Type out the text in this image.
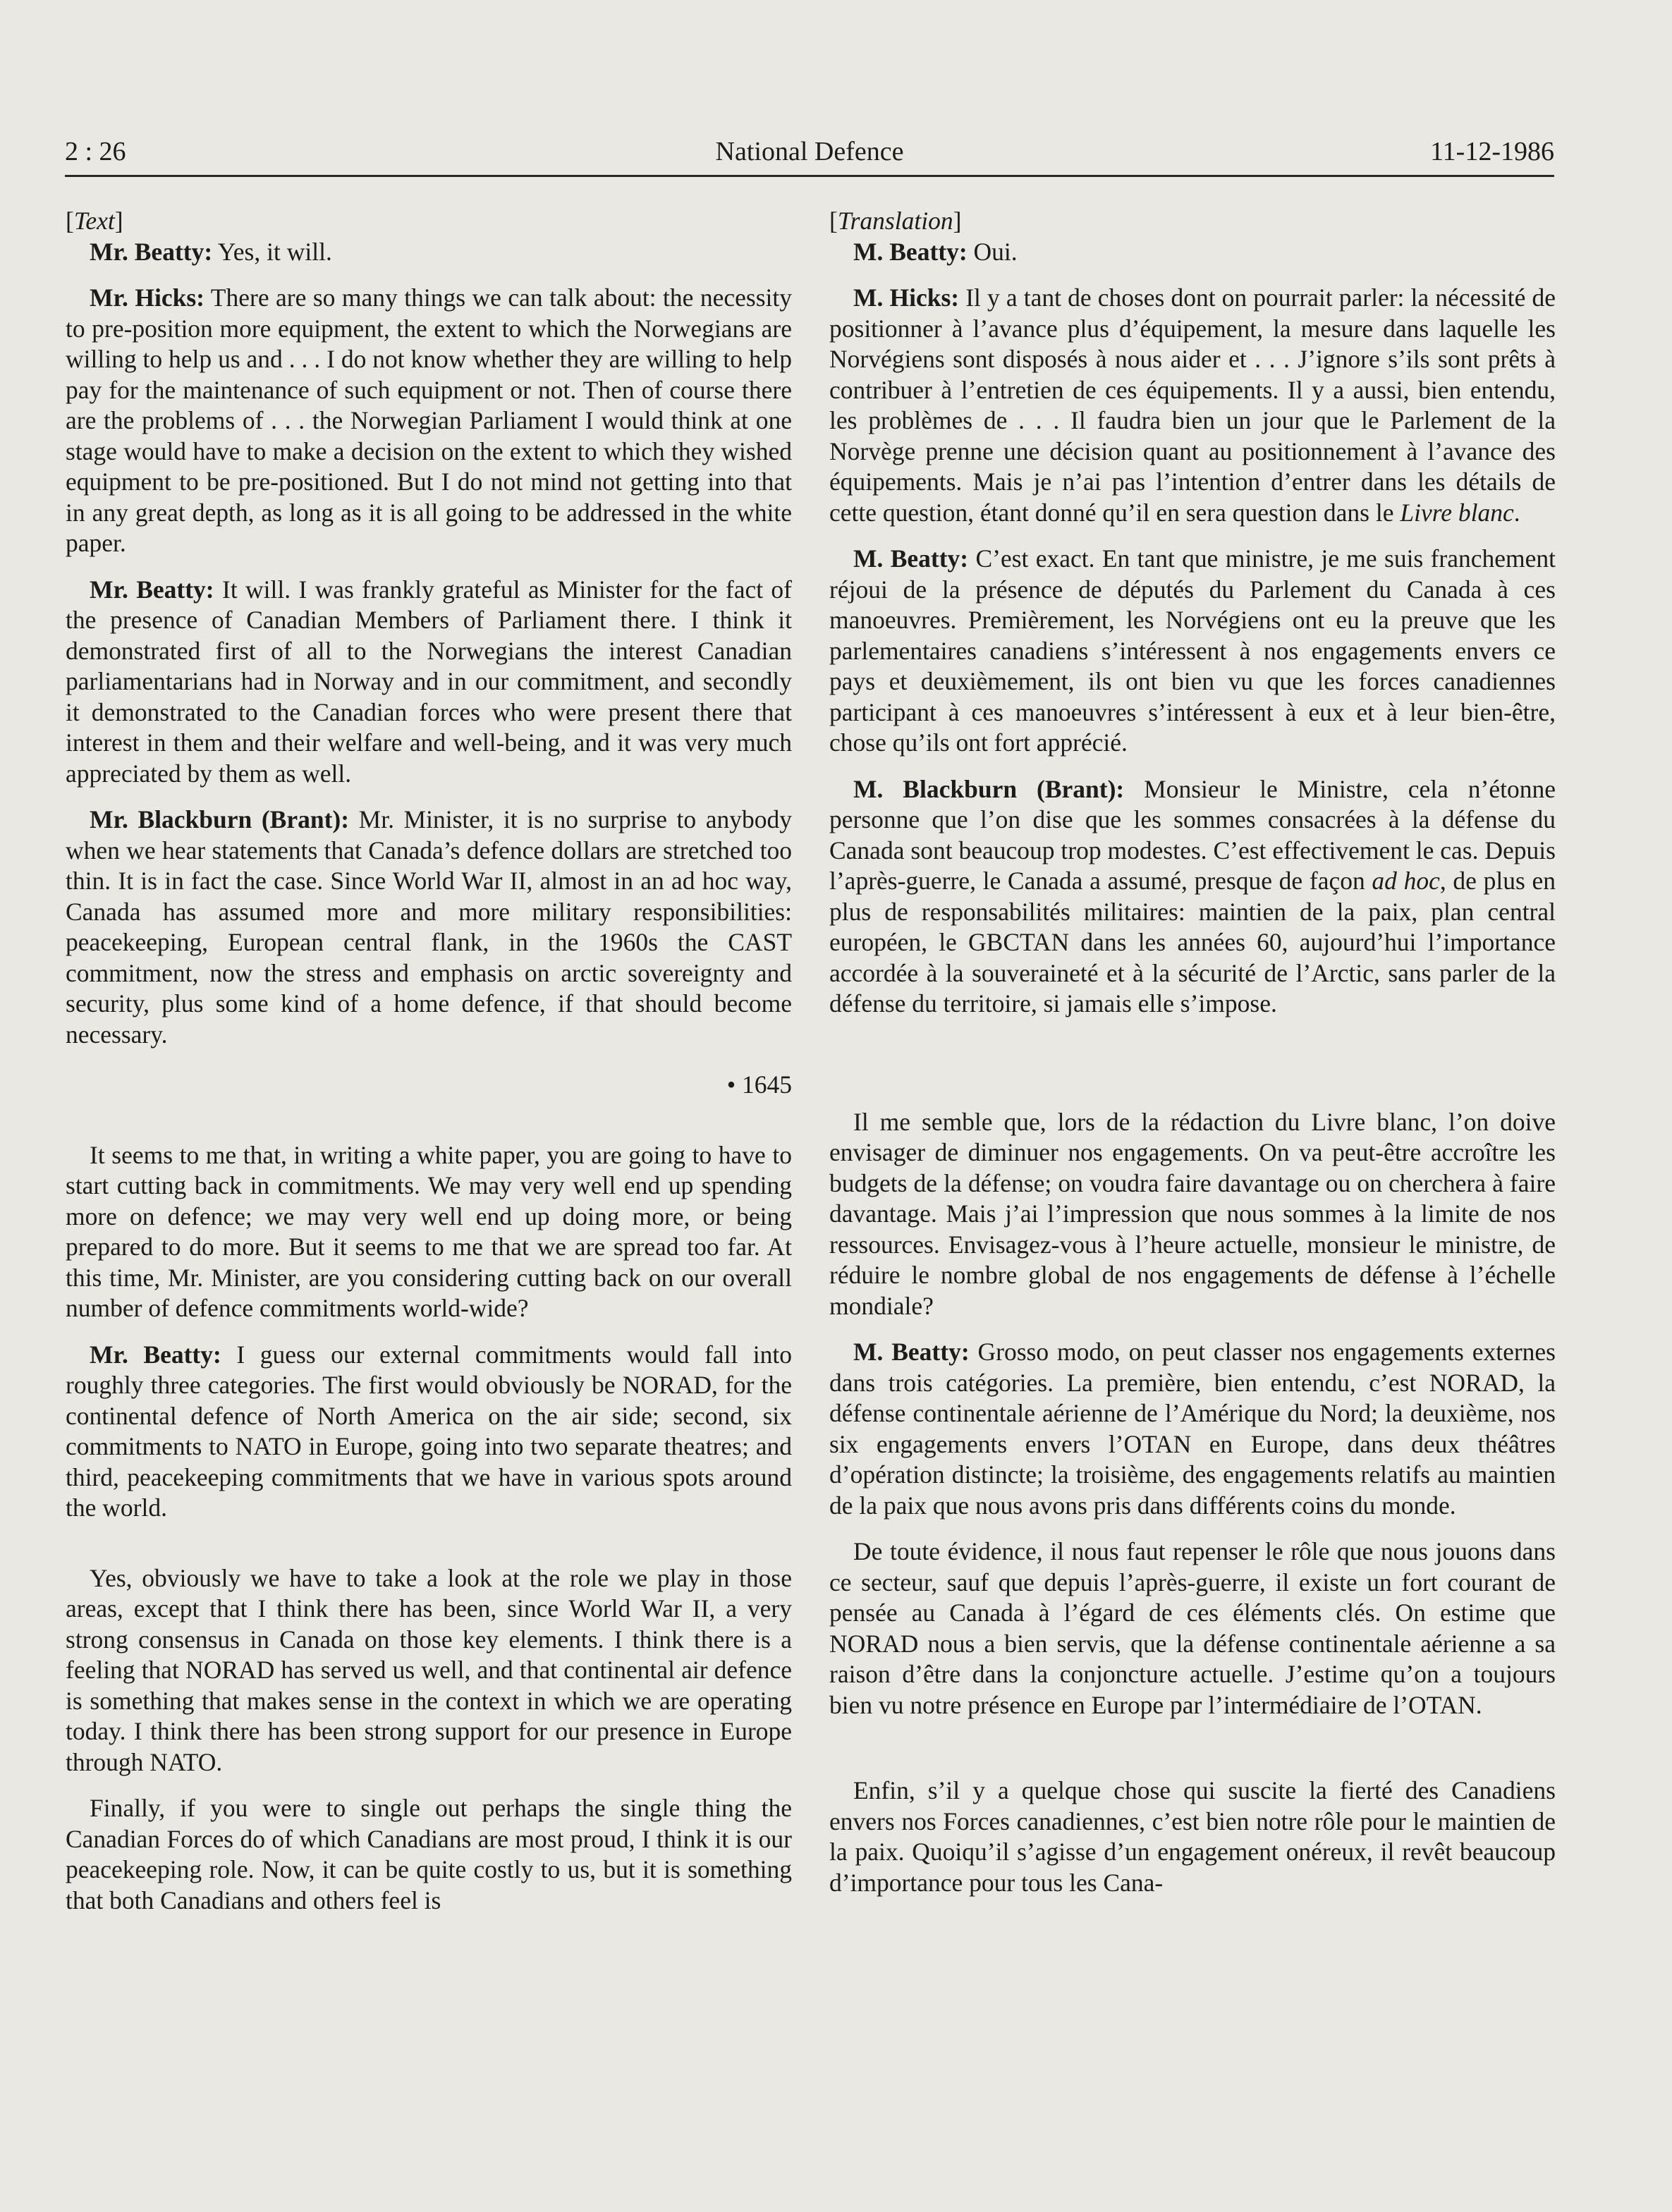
2 : 26	National Defence	11-12-1986

[Text]

Mr. Beatty: Yes, it will.

Mr. Hicks: There are so many things we can talk about: the necessity to pre-position more equipment, the extent to which the Norwegians are willing to help us and . . . I do not know whether they are willing to help pay for the maintenance of such equipment or not. Then of course there are the problems of . . . the Norwegian Parliament I would think at one stage would have to make a decision on the extent to which they wished equipment to be pre-positioned. But I do not mind not getting into that in any great depth, as long as it is all going to be addressed in the white paper.

Mr. Beatty: It will. I was frankly grateful as Minister for the fact of the presence of Canadian Members of Parliament there. I think it demonstrated first of all to the Norwegians the interest Canadian parliamentarians had in Norway and in our commitment, and secondly it demonstrated to the Canadian forces who were present there that interest in them and their welfare and well-being, and it was very much appreciated by them as well.

Mr. Blackburn (Brant): Mr. Minister, it is no surprise to anybody when we hear statements that Canada’s defence dollars are stretched too thin. It is in fact the case. Since World War II, almost in an ad hoc way, Canada has assumed more and more military responsibilities: peacekeeping, European central flank, in the 1960s the CAST commitment, now the stress and emphasis on arctic sovereignty and security, plus some kind of a home defence, if that should become necessary.

• 1645

It seems to me that, in writing a white paper, you are going to have to start cutting back in commitments. We may very well end up spending more on defence; we may very well end up doing more, or being prepared to do more. But it seems to me that we are spread too far. At this time, Mr. Minister, are you considering cutting back on our overall number of defence commitments world-wide?

Mr. Beatty: I guess our external commitments would fall into roughly three categories. The first would obviously be NORAD, for the continental defence of North America on the air side; second, six commitments to NATO in Europe, going into two separate theatres; and third, peacekeeping commitments that we have in various spots around the world.

Yes, obviously we have to take a look at the role we play in those areas, except that I think there has been, since World War II, a very strong consensus in Canada on those key elements. I think there is a feeling that NORAD has served us well, and that continental air defence is something that makes sense in the context in which we are operating today. I think there has been strong support for our presence in Europe through NATO.

Finally, if you were to single out perhaps the single thing the Canadian Forces do of which Canadians are most proud, I think it is our peacekeeping role. Now, it can be quite costly to us, but it is something that both Canadians and others feel is

[Translation]

M. Beatty: Oui.

M. Hicks: Il y a tant de choses dont on pourrait parler: la nécessité de positionner à l’avance plus d’équipement, la mesure dans laquelle les Norvégiens sont disposés à nous aider et . . . J’ignore s’ils sont prêts à contribuer à l’entretien de ces équipements. Il y a aussi, bien entendu, les problèmes de . . . Il faudra bien un jour que le Parlement de la Norvège prenne une décision quant au positionnement à l’avance des équipements. Mais je n’ai pas l’intention d’entrer dans les détails de cette question, étant donné qu’il en sera question dans le Livre blanc.

M. Beatty: C’est exact. En tant que ministre, je me suis franchement réjoui de la présence de députés du Parlement du Canada à ces manoeuvres. Premièrement, les Norvégiens ont eu la preuve que les parlementaires canadiens s’intéressent à nos engagements envers ce pays et deuxièmement, ils ont bien vu que les forces canadiennes participant à ces manoeuvres s’intéressent à eux et à leur bien-être, chose qu’ils ont fort apprécié.

M. Blackburn (Brant): Monsieur le Ministre, cela n’étonne personne que l’on dise que les sommes consacrées à la défense du Canada sont beaucoup trop modestes. C’est effectivement le cas. Depuis l’après-guerre, le Canada a assumé, presque de façon ad hoc, de plus en plus de responsabilités militaires: maintien de la paix, plan central européen, le GBCTAN dans les années 60, aujourd’hui l’importance accordée à la souveraineté et à la sécurité de l’Arctic, sans parler de la défense du territoire, si jamais elle s’impose.

Il me semble que, lors de la rédaction du Livre blanc, l’on doive envisager de diminuer nos engagements. On va peut-être accroître les budgets de la défense; on voudra faire davantage ou on cherchera à faire davantage. Mais j’ai l’impression que nous sommes à la limite de nos ressources. Envisagez-vous à l’heure actuelle, monsieur le ministre, de réduire le nombre global de nos engagements de défense à l’échelle mondiale?

M. Beatty: Grosso modo, on peut classer nos engagements externes dans trois catégories. La première, bien entendu, c’est NORAD, la défense continentale aérienne de l’Amérique du Nord; la deuxième, nos six engagements envers l’OTAN en Europe, dans deux théâtres d’opération distincte; la troisième, des engagements relatifs au maintien de la paix que nous avons pris dans différents coins du monde.

De toute évidence, il nous faut repenser le rôle que nous jouons dans ce secteur, sauf que depuis l’après-guerre, il existe un fort courant de pensée au Canada à l’égard de ces éléments clés. On estime que NORAD nous a bien servis, que la défense continentale aérienne a sa raison d’être dans la conjoncture actuelle. J’estime qu’on a toujours bien vu notre présence en Europe par l’intermédiaire de l’OTAN.

Enfin, s’il y a quelque chose qui suscite la fierté des Canadiens envers nos Forces canadiennes, c’est bien notre rôle pour le maintien de la paix. Quoiqu’il s’agisse d’un engagement onéreux, il revêt beaucoup d’importance pour tous les Cana-
